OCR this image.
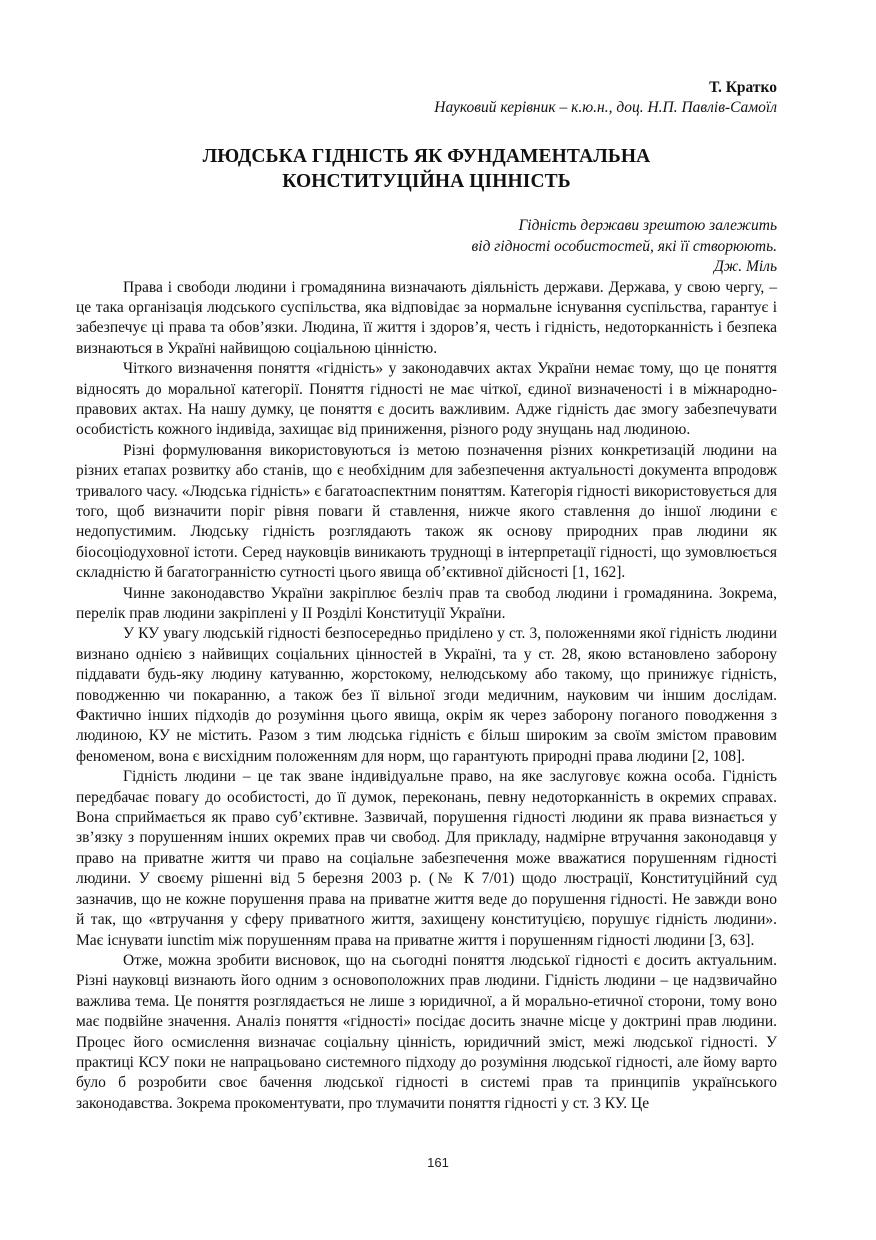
Т. Кратко

Науковий керівник – к.ю.н., доц. Н.П. Павлів-Самоїл

ЛЮДСЬКА ГІДНІСТЬ ЯК ФУНДАМЕНТАЛЬНА
КОНСТИТУЦІЙНА ЦІННІСТЬ
Гідність держави зрештою залежить
від гідності особистостей, які її створюють.
Дж. Міль

Права і свободи людини і громадянина визначають діяльність держави. Держава, у свою чергу, – це така організація людського суспільства, яка відповідає за нормальне існування суспільства, гарантує і забезпечує ці права та обов’язки. Людина, її життя і здоров’я, честь і гідність, недоторканність і безпека визнаються в Україні найвищою соціальною цінністю.

Чіткого визначення поняття «гідність» у законодавчих актах України немає тому, що це поняття відносять до моральної категорії. Поняття гідності не має чіткої, єдиної визначеності і в міжнародно-правових актах. На нашу думку, це поняття є досить важливим. Адже гідність дає змогу забезпечувати особистість кожного індивіда, захищає від приниження, різного роду знущань над людиною.

Різні формулювання використовуються із метою позначення різних конкретизацій людини на різних етапах розвитку або станів, що є необхідним для забезпечення актуальності документа впродовж тривалого часу. «Людська гідність» є багатоаспектним поняттям. Категорія гідності використовується для того, щоб визначити поріг рівня поваги й ставлення, нижче якого ставлення до іншої людини є недопустимим. Людську гідність розглядають також як основу природних прав людини як біосоціодуховної істоти. Серед науковців виникають труднощі в інтерпретації гідності, що зумовлюється складністю й багатогранністю сутності цього явища об’єктивної дійсності [1, 162].

Чинне законодавство України закріплює безліч прав та свобод людини і громадянина. Зокрема, перелік прав людини закріплені у II Розділі Конституції України.

У КУ увагу людській гідності безпосередньо приділено у ст. 3, положеннями якої гідність людини визнано однією з найвищих соціальних цінностей в Україні, та у ст. 28, якою встановлено заборону піддавати будь-яку людину катуванню, жорстокому, нелюдському або такому, що принижує гідність, поводженню чи покаранню, а також без її вільної згоди медичним, науковим чи іншим дослідам. Фактично інших підходів до розуміння цього явища, окрім як через заборону поганого поводження з людиною, КУ не містить. Разом з тим людська гідність є більш широким за своїм змістом правовим феноменом, вона є висхідним положенням для норм, що гарантують природні права людини [2, 108].

Гідність людини – це так зване індивідуальне право, на яке заслуговує кожна особа. Гідність передбачає повагу до особистості, до її думок, переконань, певну недоторканність в окремих справах. Вона сприймається як право суб’єктивне. Зазвичай, порушення гідності людини як права визнається у зв’язку з порушенням інших окремих прав чи свобод. Для прикладу, надмірне втручання законодавця у право на приватне життя чи право на соціальне забезпечення може вважатися порушенням гідності людини. У своєму рішенні від 5 березня 2003 р. (№ К 7/01) щодо люстрації, Конституційний суд зазначив, що не кожне порушення права на приватне життя веде до порушення гідності. Не завжди воно й так, що «втручання у сферу приватного життя, захищену конституцією, порушує гідність людини». Має існувати iunctim між порушенням права на приватне життя і порушенням гідності людини [3, 63].

Отже, можна зробити висновок, що на сьогодні поняття людської гідності є досить актуальним. Різні науковці визнають його одним з основоположних прав людини. Гідність людини – це надзвичайно важлива тема. Це поняття розглядається не лише з юридичної, а й морально-етичної сторони, тому воно має подвійне значення. Аналіз поняття «гідності» посідає досить значне місце у доктрині прав людини. Процес його осмислення визначає соціальну цінність, юридичний зміст, межі людської гідності. У практиці КСУ поки не напрацьовано системного підходу до розуміння людської гідності, але йому варто було б розробити своє бачення людської гідності в системі прав та принципів українського законодавства. Зокрема прокоментувати, про тлумачити поняття гідності у ст. 3 КУ. Це

161
